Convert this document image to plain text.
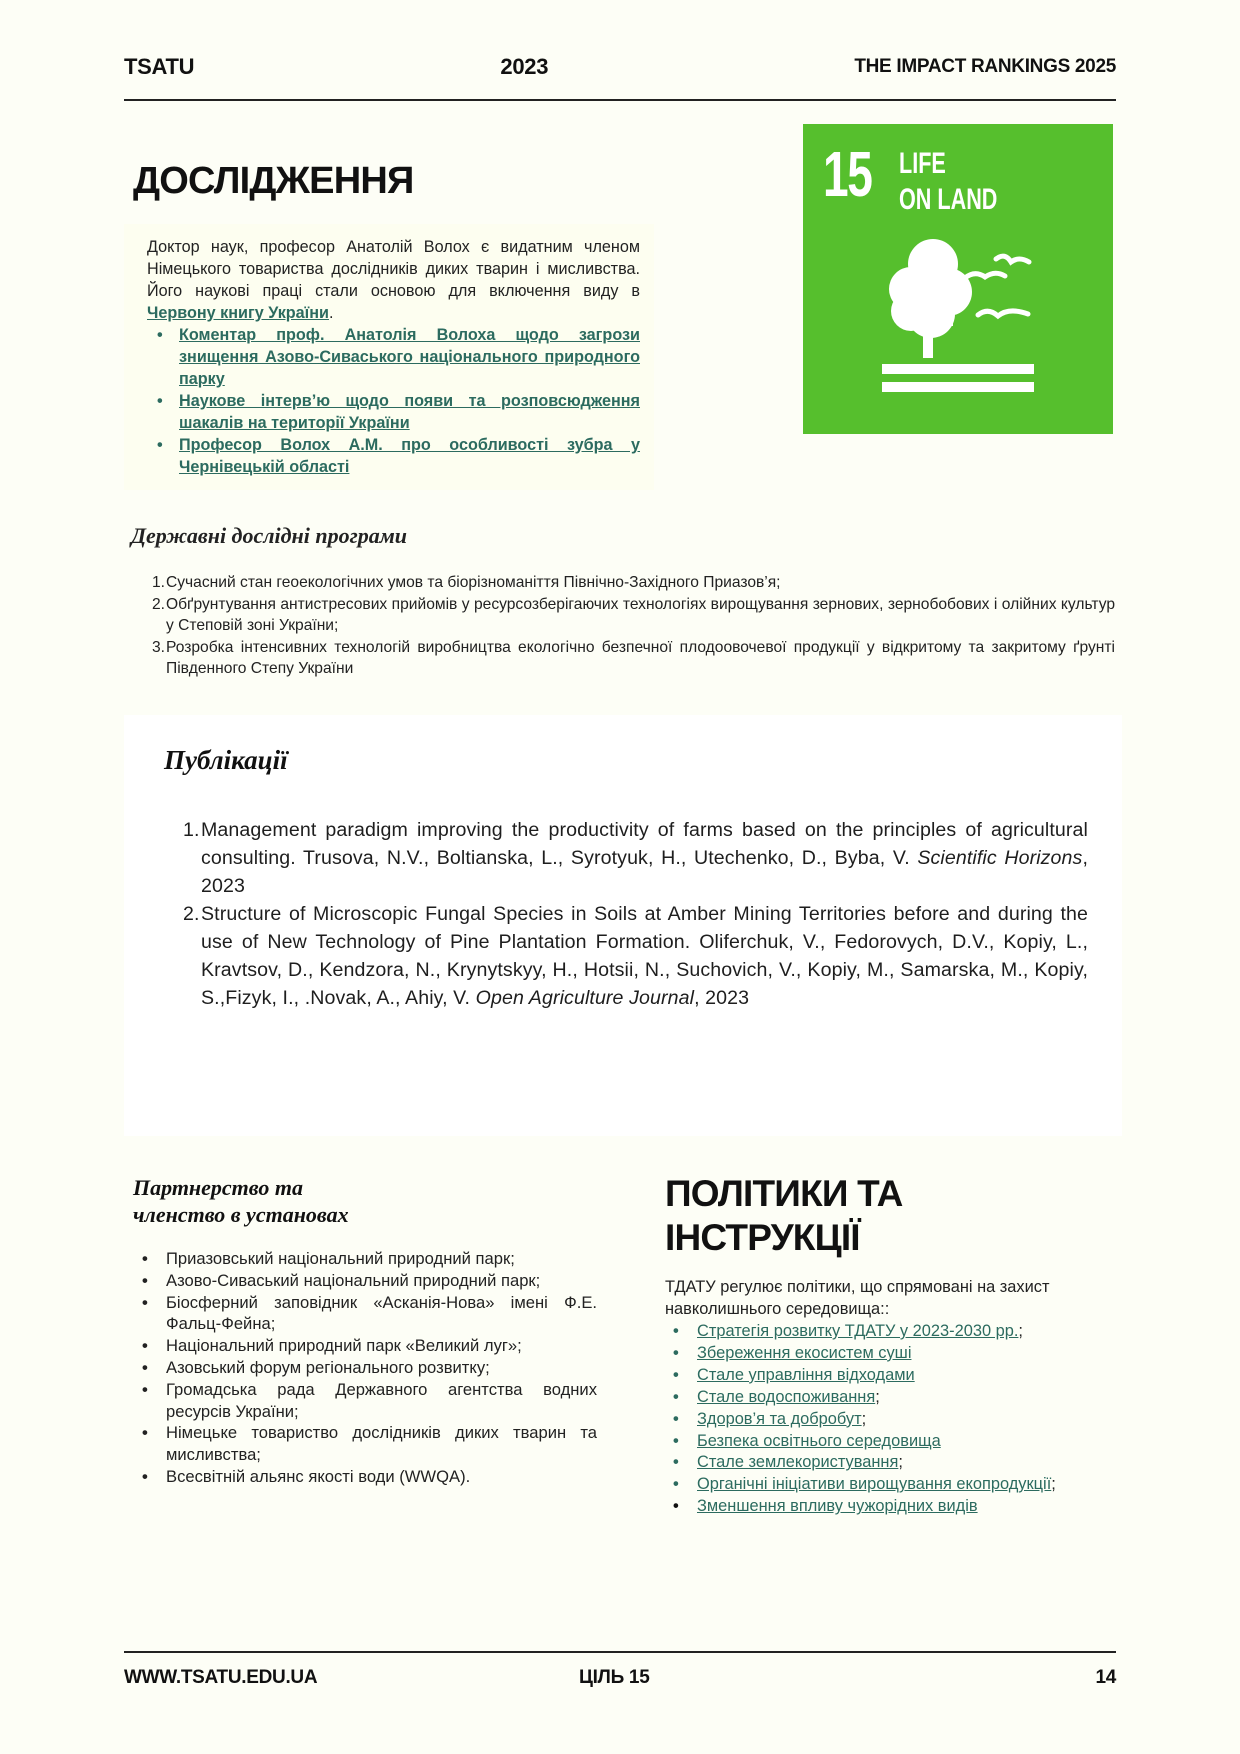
TSATU	2023	THE IMPACT RANKINGS 2025
ДОСЛІДЖЕННЯ

Доктор наук, професор Анатолій Волох є видатним членом Німецького товариства дослідників диких тварин і мисливства. Його наукові праці стали основою для включення виду в Червону книгу України.

• Коментар проф. Анатолія Волоха щодо загрози знищення Азово-Сиваського національного природного парку
• Наукове інтерв’ю щодо появи та розповсюдження шакалів на території України
• Професор Волох А.М. про особливості зубра у Чернівецькій області
15 LIFE
ON LAND
Державні дослідні програми
1. Сучасний стан геоекологічних умов та біорізноманіття Північно-Західного Приазов’я;
2. Обґрунтування антистресових прийомів у ресурсозберігаючих технологіях вирощування зернових, зернобобових і олійних культур у Степовій зоні України;
3. Розробка інтенсивних технологій виробництва екологічно безпечної плодоовочевої продукції у відкритому та закритому ґрунті Південного Степу України
Публікації
1. Management paradigm improving the productivity of farms based on the principles of agricultural consulting. Trusova, N.V., Boltianska, L., Syrotyuk, H., Utechenko, D., Byba, V. Scientific Horizons, 2023
2. Structure of Microscopic Fungal Species in Soils at Amber Mining Territories before and during the use of New Technology of Pine Plantation Formation. Oliferchuk, V., Fedorovych, D.V., Kopiy, L., Kravtsov, D., Kendzora, N., Krynytskyy, H., Hotsii, N., Suchovich, V., Kopiy, M., Samarska, M., Kopiy, S.,Fizyk, I., .Novak, A., Ahiy, V. Open Agriculture Journal, 2023
Партнерство та
членство в установах
• Приазовський національний природний парк;
• Азово-Сиваський національний природний парк;
• Біосферний заповідник «Асканія-Нова» імені Ф.Е. Фальц-Фейна;
• Національний природний парк «Великий луг»;
• Азовський форум регіонального розвитку;
• Громадська рада Державного агентства водних ресурсів України;
• Німецьке товариство дослідників диких тварин та мисливства;
• Всесвітній альянс якості води (WWQA).
ПОЛІТИКИ ТА
ІНСТРУКЦІЇ

ТДАТУ регулює політики, що спрямовані на захист навколишнього середовища::

• Стратегія розвитку ТДАТУ у 2023-2030 рр.;
• Збереження екосистем суші
• Стале управління відходами
• Стале водоспоживання;
• Здоров’я та добробут;
• Безпека освітнього середовища
• Стале землекористування;
• Органічні ініціативи вирощування екопродукції;
• Зменшення впливу чужорідних видів
WWW.TSATU.EDU.UA	ЦІЛЬ 15	14
